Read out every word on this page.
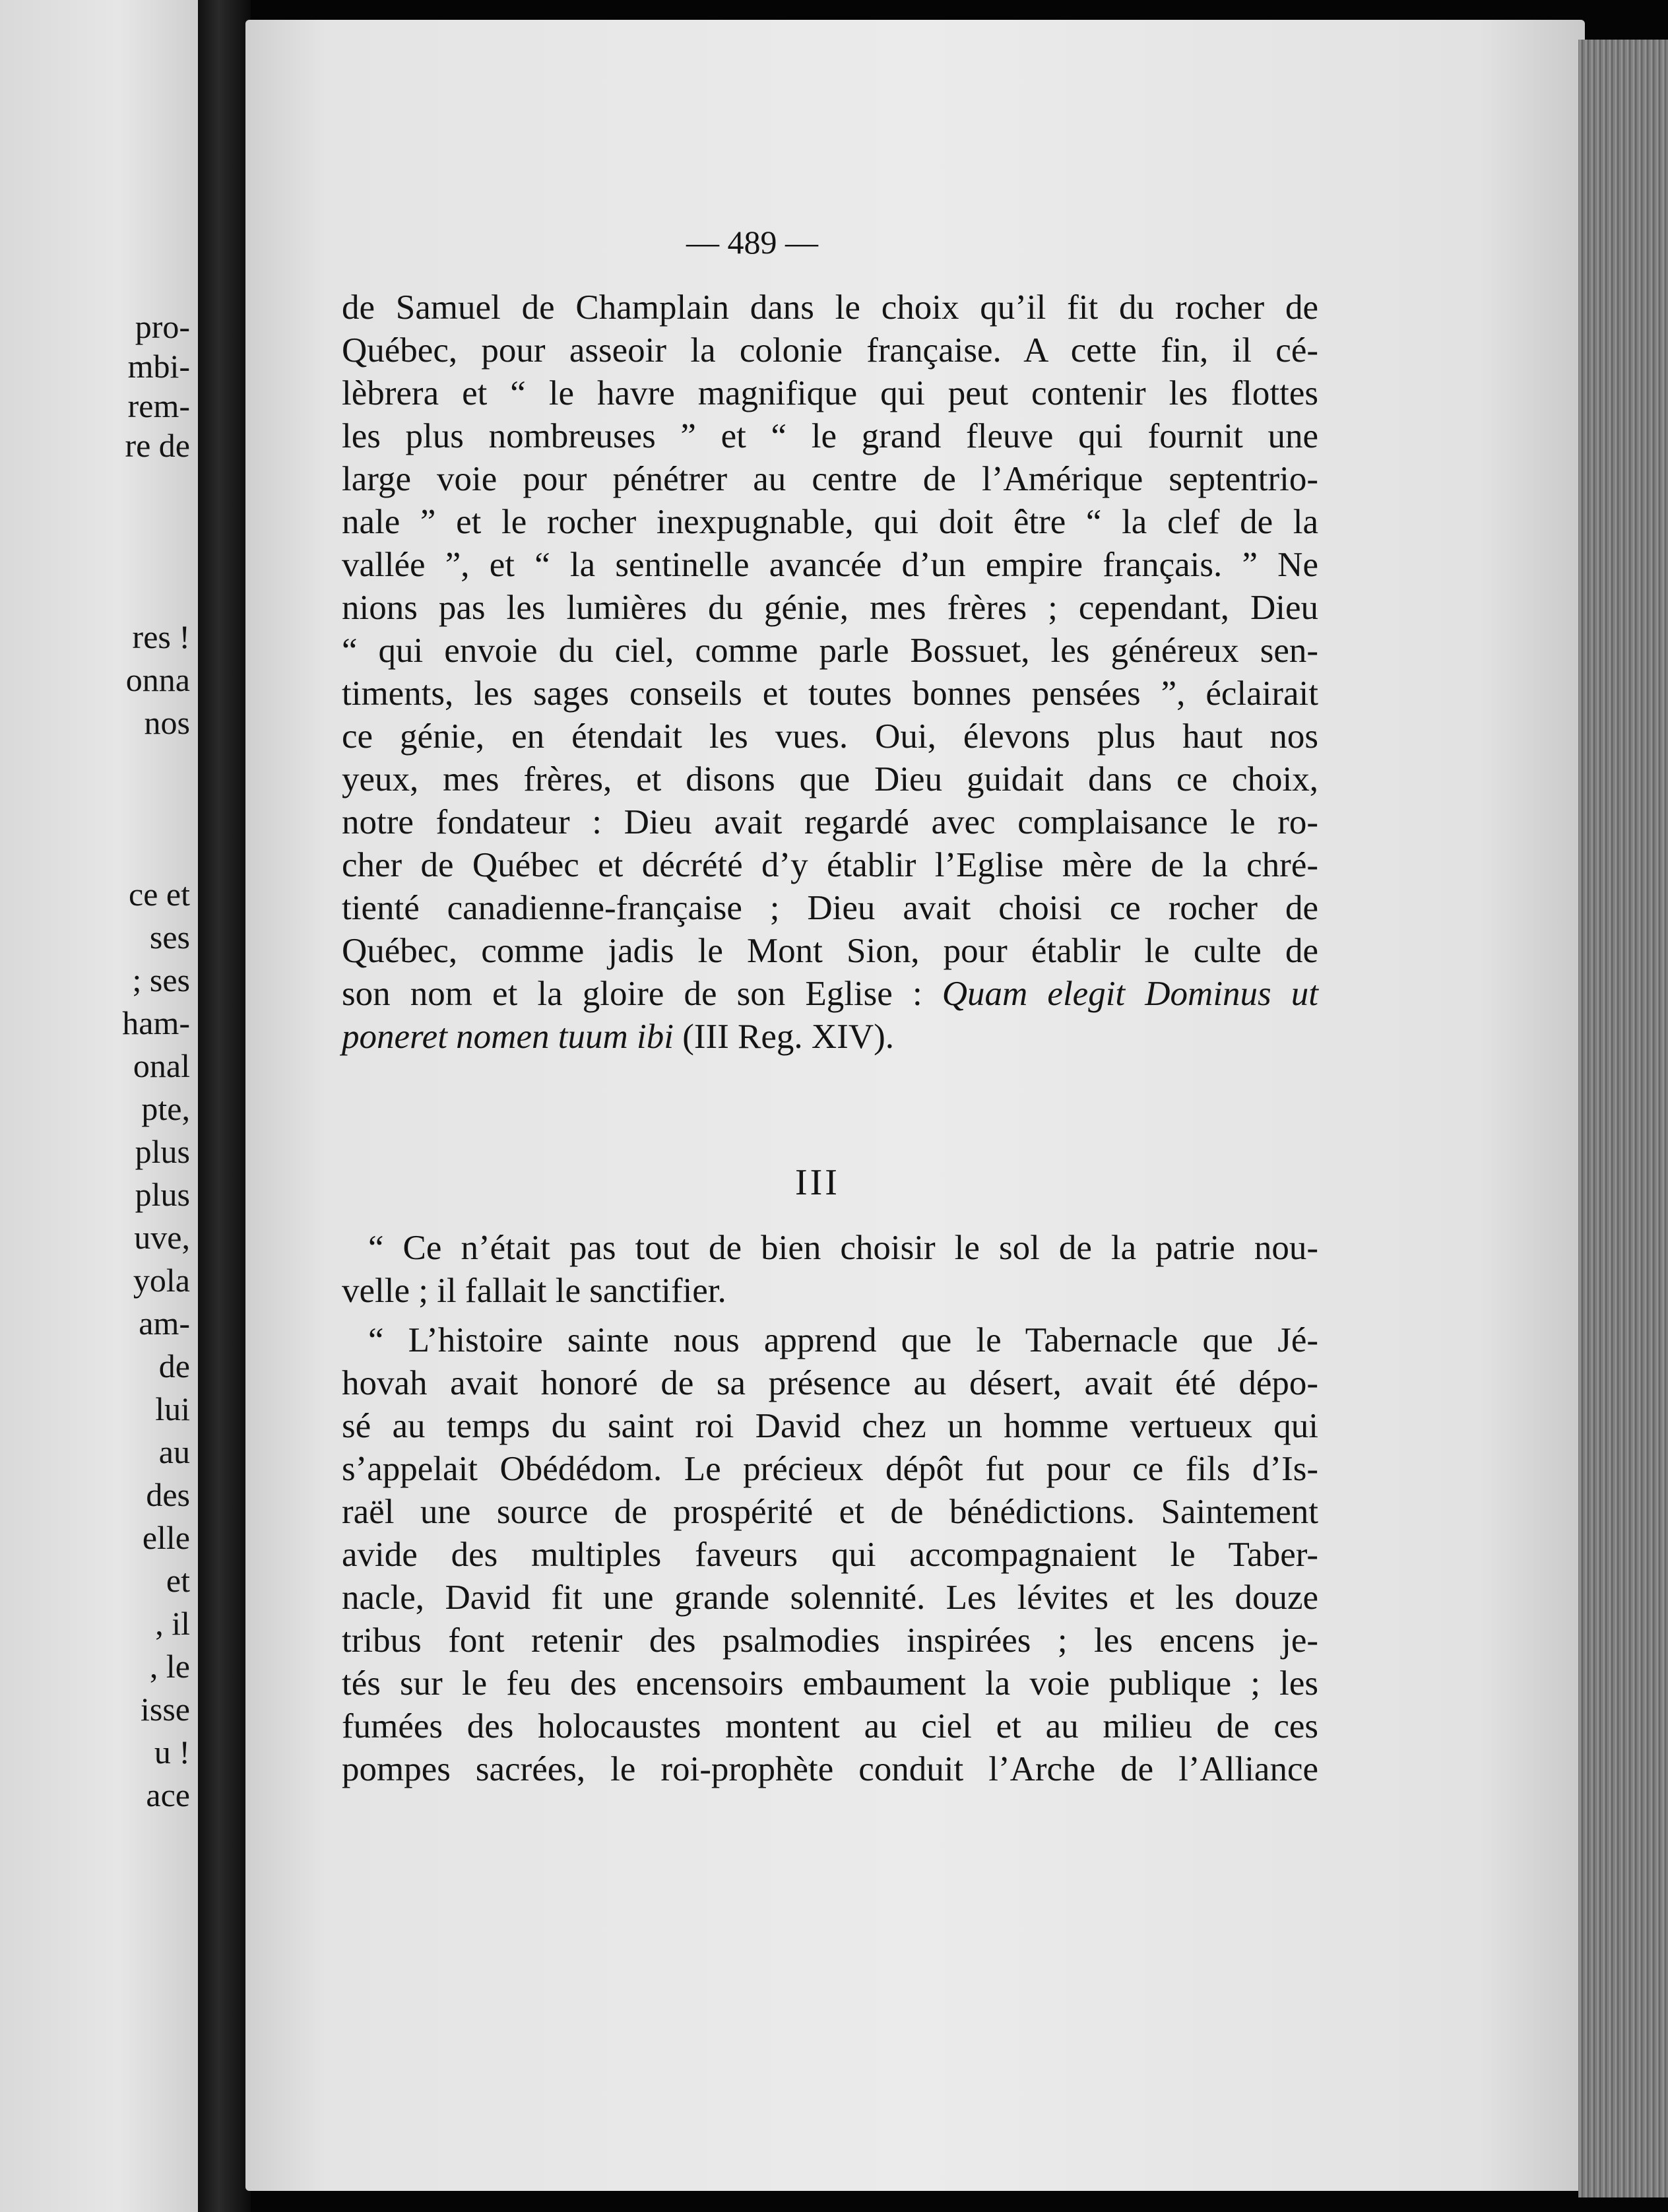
pro-
mbi-
rem-
re de
res !
onna
nos
ce et
ses
; ses
ham-
onal
pte,
plus
plus
uve,
yola
am-
de
lui
au
des
elle
et
, il
, le
isse
u !
ace
— 489 —
de Samuel de Champlain dans le choix qu’il fit du rocher de
Québec, pour asseoir la colonie française. A cette fin, il cé-
lèbrera et “ le havre magnifique qui peut contenir les flottes
les plus nombreuses ” et “ le grand fleuve qui fournit une
large voie pour pénétrer au centre de l’Amérique septentrio-
nale ” et le rocher inexpugnable, qui doit être “ la clef de la
vallée ”, et “ la sentinelle avancée d’un empire français. ” Ne
nions pas les lumières du génie, mes frères ; cependant, Dieu
“ qui envoie du ciel, comme parle Bossuet, les généreux sen-
timents, les sages conseils et toutes bonnes pensées ”, éclairait
ce génie, en étendait les vues. Oui, élevons plus haut nos
yeux, mes frères, et disons que Dieu guidait dans ce choix,
notre fondateur : Dieu avait regardé avec complaisance le ro-
cher de Québec et décrété d’y établir l’Eglise mère de la chré-
tienté canadienne-française ; Dieu avait choisi ce rocher de
Québec, comme jadis le Mont Sion, pour établir le culte de
son nom et la gloire de son Eglise : Quam elegit Dominus ut
poneret nomen tuum ibi (III Reg. XIV).
“ Ce n’était pas tout de bien choisir le sol de la patrie nou-
velle ; il fallait le sanctifier.
“ L’histoire sainte nous apprend que le Tabernacle que Jé-
hovah avait honoré de sa présence au désert, avait été dépo-
sé au temps du saint roi David chez un homme vertueux qui
s’appelait Obédédom. Le précieux dépôt fut pour ce fils d’Is-
raël une source de prospérité et de bénédictions. Saintement
avide des multiples faveurs qui accompagnaient le Taber-
nacle, David fit une grande solennité. Les lévites et les douze
tribus font retenir des psalmodies inspirées ; les encens je-
tés sur le feu des encensoirs embaument la voie publique ; les
fumées des holocaustes montent au ciel et au milieu de ces
pompes sacrées, le roi-prophète conduit l’Arche de l’Alliance
III
